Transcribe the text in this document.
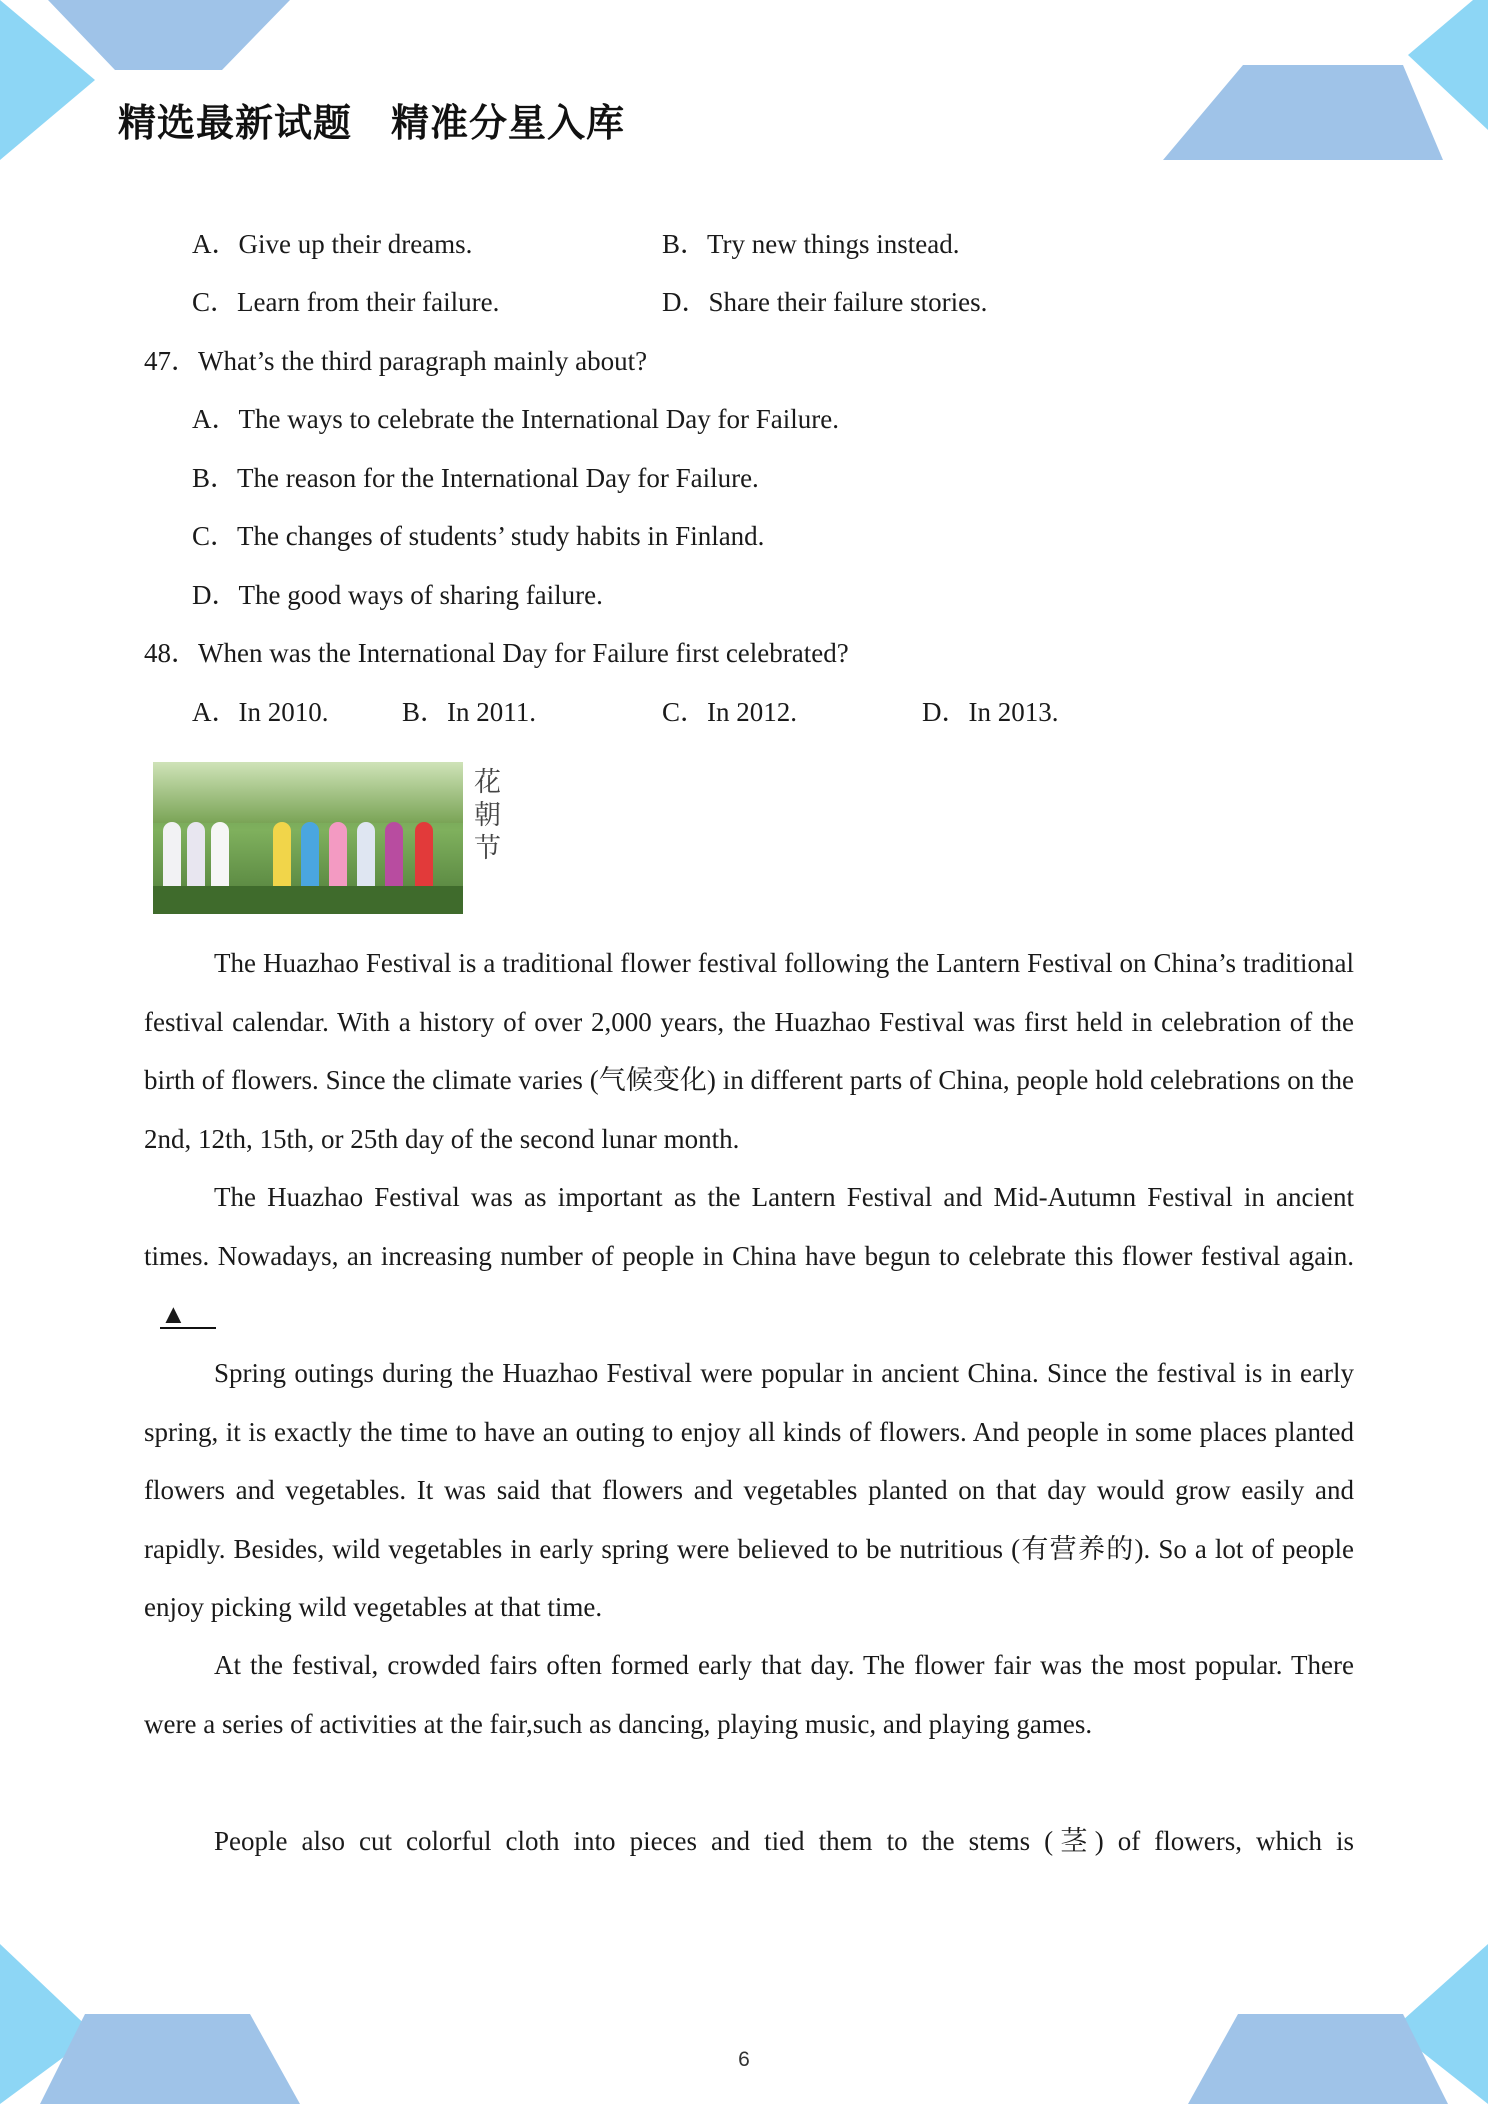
精选最新试题　精准分星入库
A．Give up their dreams.	B．Try new things instead.
C．Learn from their failure.	D．Share their failure stories.
47．What’s the third paragraph mainly about?
A．The ways to celebrate the International Day for Failure.
B．The reason for the International Day for Failure.
C．The changes of students’ study habits in Finland.
D．The good ways of sharing failure.
48．When was the International Day for Failure first celebrated?
A．In 2010.	B．In 2011.	C．In 2012.	D．In 2013.
花朝节

The Huazhao Festival is a traditional flower festival following the Lantern Festival on China’s traditional festival calendar. With a history of over 2,000 years, the Huazhao Festival was first held in celebration of the birth of flowers. Since the climate varies (气候变化) in different parts of China, people hold celebrations on the 2nd, 12th, 15th, or 25th day of the second lunar month.

The Huazhao Festival was as important as the Lantern Festival and Mid-Autumn Festival in ancient times. Nowadays, an increasing number of people in China have begun to celebrate this flower festival again.▲

Spring outings during the Huazhao Festival were popular in ancient China. Since the festival is in early spring, it is exactly the time to have an outing to enjoy all kinds of flowers. And people in some places planted flowers and vegetables. It was said that flowers and vegetables planted on that day would grow easily and rapidly. Besides, wild vegetables in early spring were believed to be nutritious (有营养的). So a lot of people enjoy picking wild vegetables at that time.

At the festival, crowded fairs often formed early that day. The flower fair was the most popular. There were a series of activities at the fair,such as dancing, playing music, and playing games.

People also cut colorful cloth into pieces and tied them to the stems (茎) of flowers, which is

6
